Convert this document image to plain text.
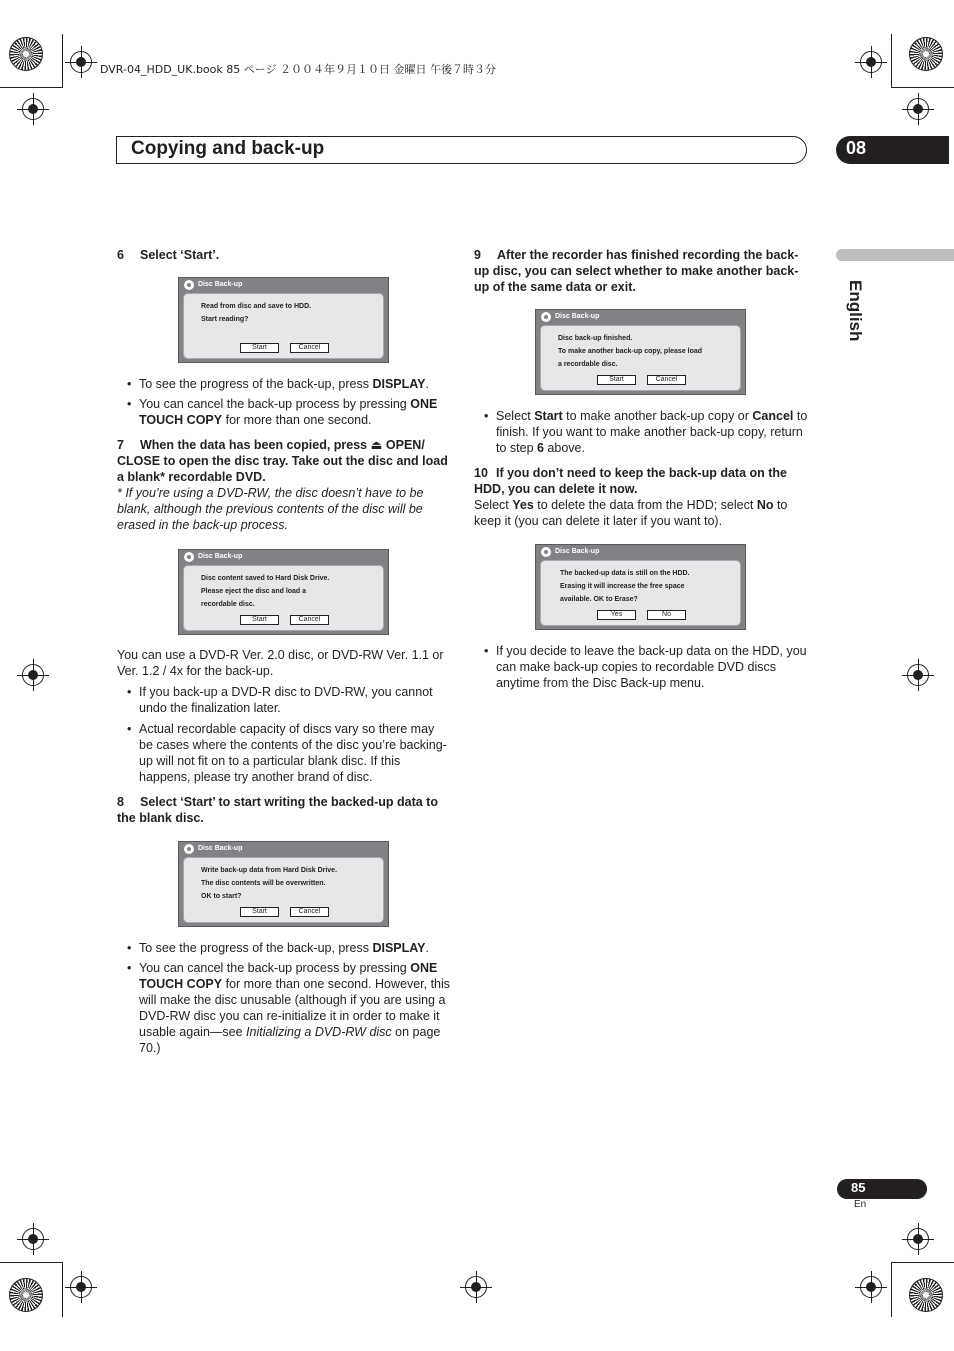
DVR-04_HDD_UK.book 85 ページ ２００４年９月１０日 金曜日 午後７時３分
Copying and back-up	08
English

6 Select ‘Start’.

Disc Back-up
Read from disc and save to HDD.
Start reading?
Start	Cancel

• To see the progress of the back-up, press DISPLAY.

• You can cancel the back-up process by pressing ONE TOUCH COPY for more than one second.

7 When the data has been copied, press ⏏ OPEN/ CLOSE to open the disc tray. Take out the disc and load a blank* recordable DVD.

* If you’re using a DVD-RW, the disc doesn’t have to be blank, although the previous contents of the disc will be erased in the back-up process.

Disc Back-up
Disc content saved to Hard Disk Drive.
Please eject the disc and load a
recordable disc.
Start	Cancel

You can use a DVD-R Ver. 2.0 disc, or DVD-RW Ver. 1.1 or Ver. 1.2 / 4x for the back-up.

• If you back-up a DVD-R disc to DVD-RW, you cannot undo the finalization later.

• Actual recordable capacity of discs vary so there may be cases where the contents of the disc you’re backing-up will not fit on to a particular blank disc. If this happens, please try another brand of disc.

8 Select ‘Start’ to start writing the backed-up data to the blank disc.

Disc Back-up
Write back-up data from Hard Disk Drive.
The disc contents will be overwritten.
OK to start?
Start	Cancel

• To see the progress of the back-up, press DISPLAY.

• You can cancel the back-up process by pressing ONE TOUCH COPY for more than one second. However, this will make the disc unusable (although if you are using a DVD-RW disc you can re-initialize it in order to make it usable again—see Initializing a DVD-RW disc on page 70.)

9 After the recorder has finished recording the back-up disc, you can select whether to make another back-up of the same data or exit.

Disc Back-up
Disc back-up finished.
To make another back-up copy, please load
a recordable disc.
Start	Cancel

• Select Start to make another back-up copy or Cancel to finish. If you want to make another back-up copy, return to step 6 above.

10 If you don’t need to keep the back-up data on the HDD, you can delete it now.

Select Yes to delete the data from the HDD; select No to keep it (you can delete it later if you want to).

Disc Back-up
The backed-up data is still on the HDD.
Erasing it will increase the free space
available. OK to Erase?
Yes	No

• If you decide to leave the back-up data on the HDD, you can make back-up copies to recordable DVD discs anytime from the Disc Back-up menu.

85
En
